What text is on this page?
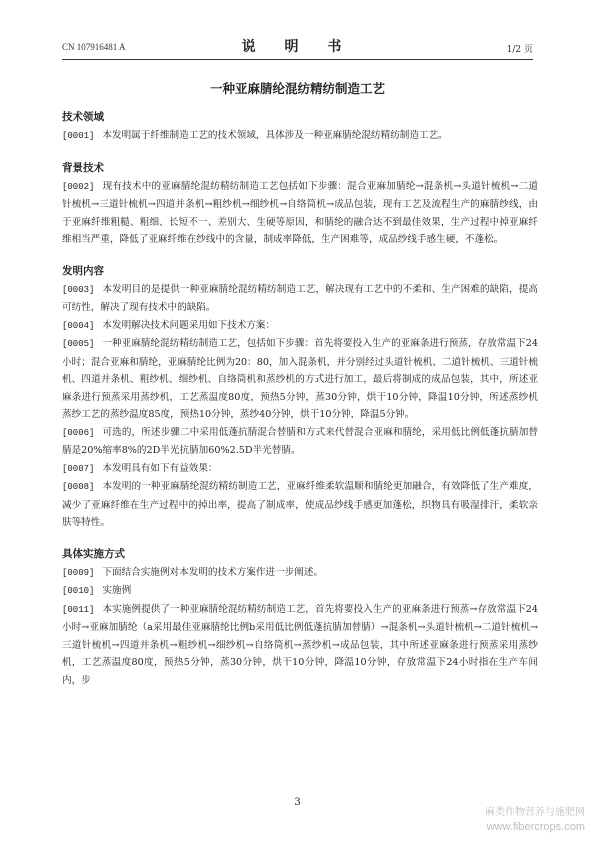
CN 107916481 A	说 明 书	1/2 页
一种亚麻腈纶混纺精纺制造工艺
技术领域
[0001] 本发明属于纤维制造工艺的技术领域，具体涉及一种亚麻腈纶混纺精纺制造工艺。
背景技术
[0002] 现有技术中的亚麻腈纶混纺精纺制造工艺包括如下步骤：混合亚麻加腈纶→混条机→头道针梳机→二道针梳机→三道针梳机→四道并条机→粗纱机→细纱机→自络筒机→成品包装，现有工艺及流程生产的麻腈纱线，由于亚麻纤维粗糙、粗细、长短不一、差别大、生硬等原因，和腈纶的融合达不到最佳效果，生产过程中掉亚麻纤维相当严重，降低了亚麻纤维在纱线中的含量，制成率降低，生产困难等，成品纱线手感生硬，不蓬松。
发明内容
[0003] 本发明目的是提供一种亚麻腈纶混纺精纺制造工艺，解决现有工艺中的不柔和、生产困难的缺陷，提高可纺性，解决了现有技术中的缺陷。
[0004] 本发明解决技术问题采用如下技术方案：
[0005] 一种亚麻腈纶混纺精纺制造工艺，包括如下步骤：首先将要投入生产的亚麻条进行预蒸，存放常温下24小时；混合亚麻和腈纶，亚麻腈纶比例为20：80，加入混条机，并分别经过头道针梳机、二道针梳机、三道针梳机、四道并条机、粗纱机、细纱机、自络筒机和蒸纱机的方式进行加工，最后将制成的成品包装，其中，所述亚麻条进行预蒸采用蒸纱机，工艺蒸温度80度，预热5分钟，蒸30分钟，烘干10分钟，降温10分钟，所述蒸纱机蒸纱工艺的蒸纱温度85度，预热10分钟，蒸纱40分钟，烘干10分钟，降温5分钟。
[0006] 可选的，所述步骤二中采用低蓬抗腈混合替腈和方式来代替混合亚麻和腈纶，采用低比例低蓬抗腈加替腈是20%缩率8%的2D半光抗腈加60%2.5D半光替腈。
[0007] 本发明具有如下有益效果：
[0008] 本发明的一种亚麻腈纶混纺精纺制造工艺，亚麻纤维柔软温顺和腈纶更加融合，有效降低了生产难度，减少了亚麻纤维在生产过程中的掉出率，提高了制成率，使成品纱线手感更加蓬松，织物具有吸湿排汗，柔软亲肤等特性。
具体实施方式
[0009] 下面结合实施例对本发明的技术方案作进一步阐述。
[0010] 实施例
[0011] 本实施例提供了一种亚麻腈纶混纺精纺制造工艺，首先将要投入生产的亚麻条进行预蒸→存放常温下24小时→亚麻加腈纶（a采用最佳亚麻腈纶比例b采用低比例低蓬抗腈加替腈）→混条机→头道针梳机→二道针梳机→三道针梳机→四道并条机→粗纱机→细纱机→自络筒机→蒸纱机→成品包装，其中所述亚麻条进行预蒸采用蒸纱机，工艺蒸温度80度，预热5分钟，蒸30分钟，烘干10分钟，降温10分钟，存放常温下24小时指在生产车间内，步
3
麻类作物营养与施肥网
www.fibercrops.com
